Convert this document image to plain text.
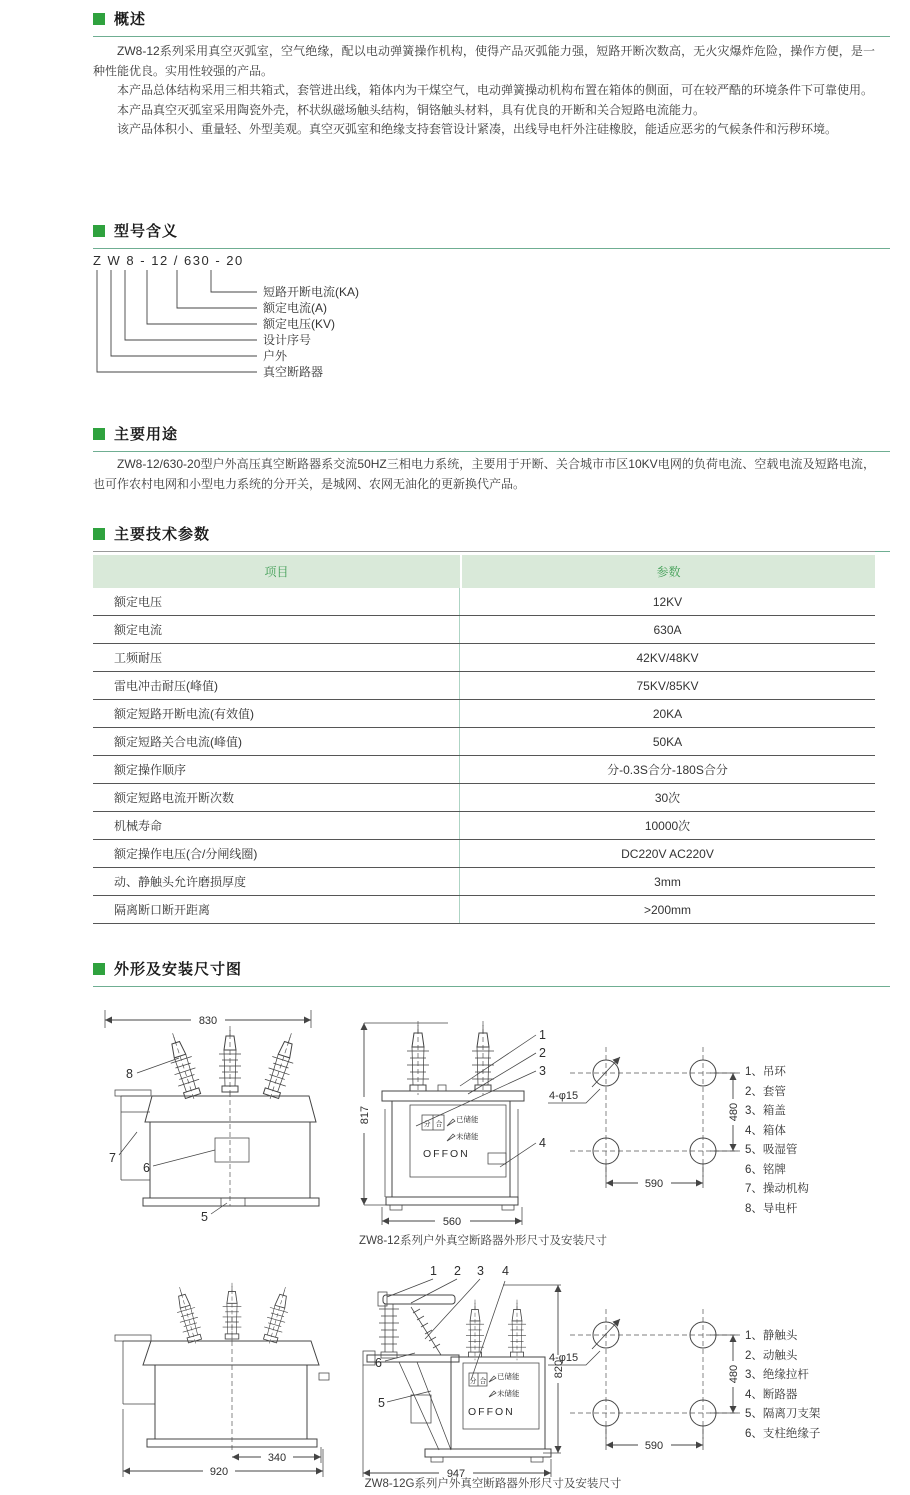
概述

ZW8-12系列采用真空灭弧室，空气绝缘，配以电动弹簧操作机构，使得产品灭弧能力强，短路开断次数高，无火灾爆炸危险，操作方便，是一种性能优良。实用性较强的产品。

本产品总体结构采用三相共箱式，套管进出线，箱体内为干煤空气，电动弹簧操动机构布置在箱体的侧面，可在较严酷的环境条件下可靠使用。

本产品真空灭弧室采用陶瓷外壳，杯状纵磁场触头结构，铜铬触头材料，具有优良的开断和关合短路电流能力。

该产品体积小、重量轻、外型美观。真空灭弧室和绝缘支持套管设计紧凑，出线导电杆外注硅橡胶，能适应恶劣的气候条件和污秽环境。

型号含义
Z W 8 - 12 / 630 - 20
短路开断电流(KA)
额定电流(A)
额定电压(KV)
设计序号
户外
真空断路器
主要用途

ZW8-12/630-20型户外高压真空断路器系交流50HZ三相电力系统，主要用于开断、关合城市市区10KV电网的负荷电流、空载电流及短路电流，也可作农村电网和小型电力系统的分开关，是城网、农网无油化的更新换代产品。

主要技术参数
项目	参数
额定电压	12KV
额定电流	630A
工频耐压	42KV/48KV
雷电冲击耐压(峰值)	75KV/85KV
额定短路开断电流(有效值)	20KA
额定短路关合电流(峰值)	50KA
额定操作顺序	分-0.3S合分-180S合分
额定短路电流开断次数	30次
机械寿命	10000次
额定操作电压(合/分闸线圈)	DC220V AC220V
动、静触头允许磨损厚度	3mm
隔离断口断开距离	>200mm
外形及安装尺寸图
830
8
7
6
5
817
分 合
已储能
未储能
OFFON
1
2
3
4
560
4-φ15
480
590
1、吊环
2、套管
3、箱盖
4、箱体
5、吸湿管
6、铭牌
7、操动机构
8、导电杆
ZW8-12系列户外真空断路器外形尺寸及安装尺寸
340
920
分 合
已储能
未储能
OFFON
1 2 3 4
6
5
820
947
4-φ15
480
590
1、静触头
2、动触头
3、绝缘拉杆
4、断路器
5、隔离刀支架
6、支柱绝缘子
ZW8-12G系列户外真空断路器外形尺寸及安装尺寸
